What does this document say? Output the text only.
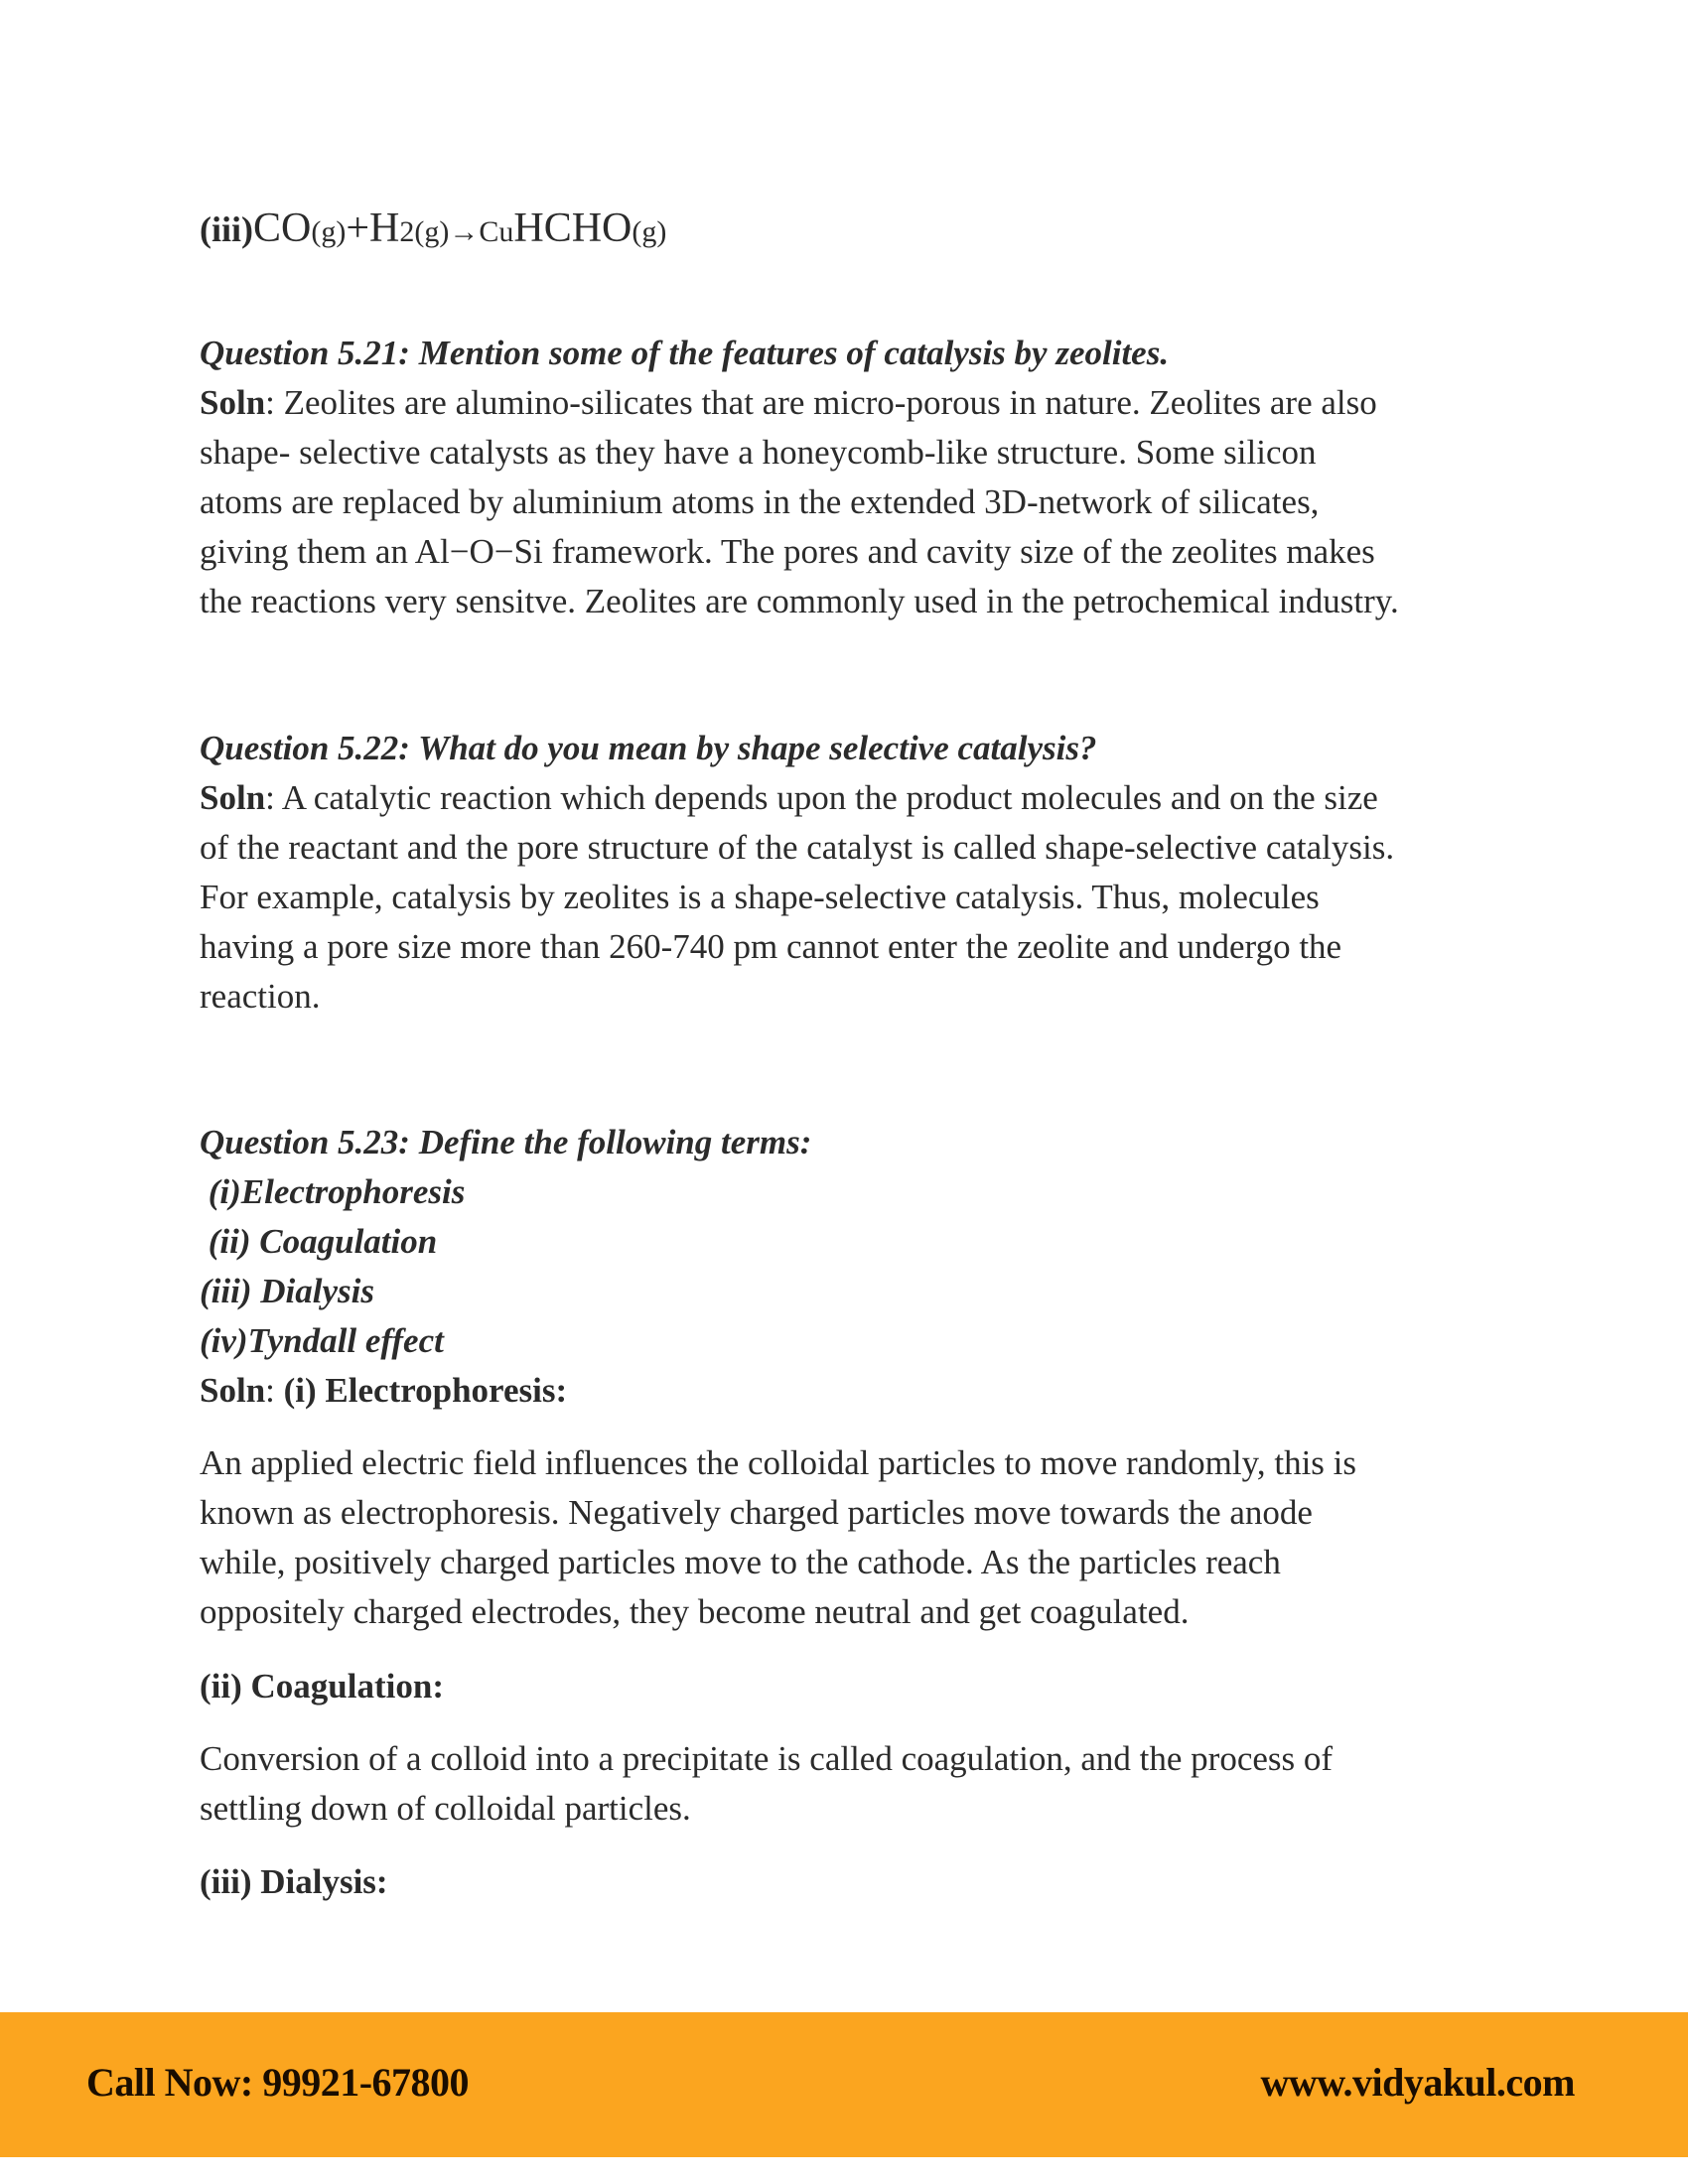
(iii)CO(g)+H2(g)→CuHCHO(g)
Question 5.21: Mention some of the features of catalysis by zeolites.
Soln: Zeolites are alumino-silicates that are micro-porous in nature. Zeolites are also
shape- selective catalysts as they have a honeycomb-like structure. Some silicon
atoms are replaced by aluminium atoms in the extended 3D-network of silicates,
giving them an Al−O−Si framework. The pores and cavity size of the zeolites makes
the reactions very sensitve. Zeolites are commonly used in the petrochemical industry.
Question 5.22: What do you mean by shape selective catalysis?
Soln: A catalytic reaction which depends upon the product molecules and on the size
of the reactant and the pore structure of the catalyst is called shape-selective catalysis.
For example, catalysis by zeolites is a shape-selective catalysis. Thus, molecules
having a pore size more than 260-740 pm cannot enter the zeolite and undergo the
reaction.
Question 5.23: Define the following terms:
(i)Electrophoresis
(ii) Coagulation
(iii) Dialysis
(iv)Tyndall effect
Soln: (i) Electrophoresis:
An applied electric field influences the colloidal particles to move randomly, this is
known as electrophoresis. Negatively charged particles move towards the anode
while, positively charged particles move to the cathode. As the particles reach
oppositely charged electrodes, they become neutral and get coagulated.
(ii) Coagulation:
Conversion of a colloid into a precipitate is called coagulation, and the process of
settling down of colloidal particles.
(iii) Dialysis:
Call Now: 99921-67800	www.vidyakul.com
